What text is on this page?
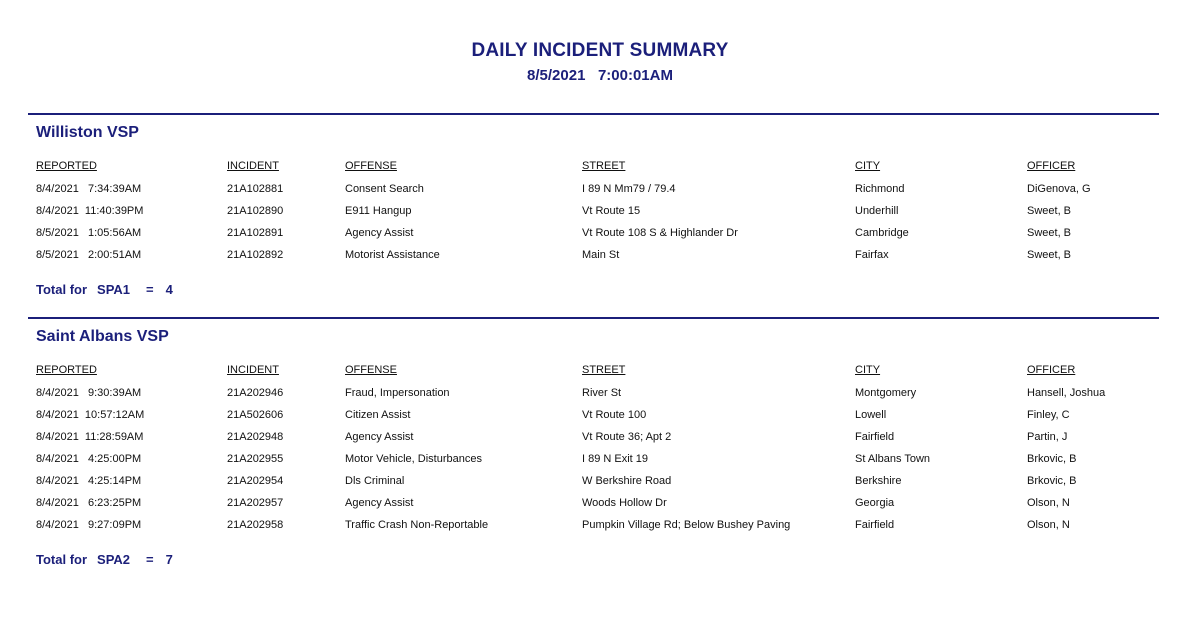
DAILY INCIDENT SUMMARY
8/5/2021 7:00:01AM
Williston VSP
REPORTED	INCIDENT	OFFENSE	STREET	CITY	OFFICER
8/4/2021   7:34:39AM	21A102881	Consent Search	I 89 N Mm79 / 79.4	Richmond	DiGenova, G
8/4/2021  11:40:39PM	21A102890	E911 Hangup	Vt Route 15	Underhill	Sweet, B
8/5/2021   1:05:56AM	21A102891	Agency Assist	Vt Route 108 S & Highlander Dr	Cambridge	Sweet, B
8/5/2021   2:00:51AM	21A102892	Motorist Assistance	Main St	Fairfax	Sweet, B
Total for SPA1 = 4
Saint Albans VSP
REPORTED	INCIDENT	OFFENSE	STREET	CITY	OFFICER
8/4/2021   9:30:39AM	21A202946	Fraud, Impersonation	River St	Montgomery	Hansell, Joshua
8/4/2021  10:57:12AM	21A502606	Citizen Assist	Vt Route 100	Lowell	Finley, C
8/4/2021  11:28:59AM	21A202948	Agency Assist	Vt Route 36; Apt 2	Fairfield	Partin, J
8/4/2021   4:25:00PM	21A202955	Motor Vehicle, Disturbances	I 89 N Exit 19	St Albans Town	Brkovic, B
8/4/2021   4:25:14PM	21A202954	Dls Criminal	W Berkshire Road	Berkshire	Brkovic, B
8/4/2021   6:23:25PM	21A202957	Agency Assist	Woods Hollow Dr	Georgia	Olson, N
8/4/2021   9:27:09PM	21A202958	Traffic Crash Non-Reportable	Pumpkin Village Rd; Below Bushey Paving	Fairfield	Olson, N
Total for SPA2 = 7
